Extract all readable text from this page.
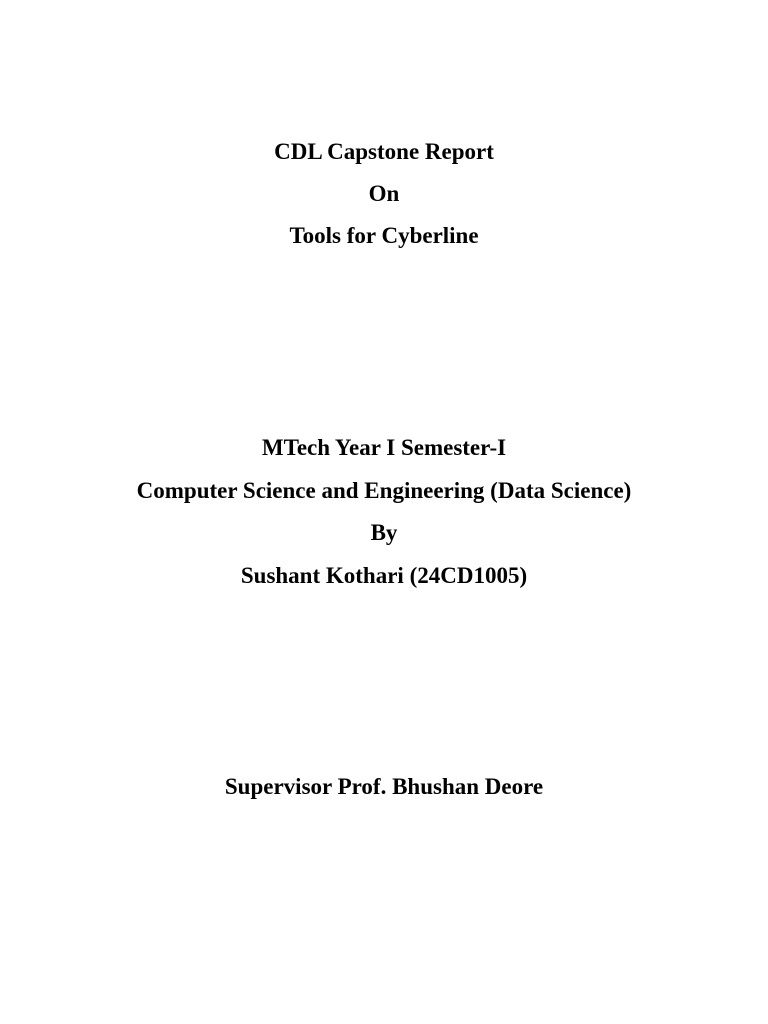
CDL Capstone Report
On
Tools for Cyberline
MTech Year I Semester-I
Computer Science and Engineering (Data Science)
By
Sushant Kothari (24CD1005)
Supervisor Prof. Bhushan Deore
